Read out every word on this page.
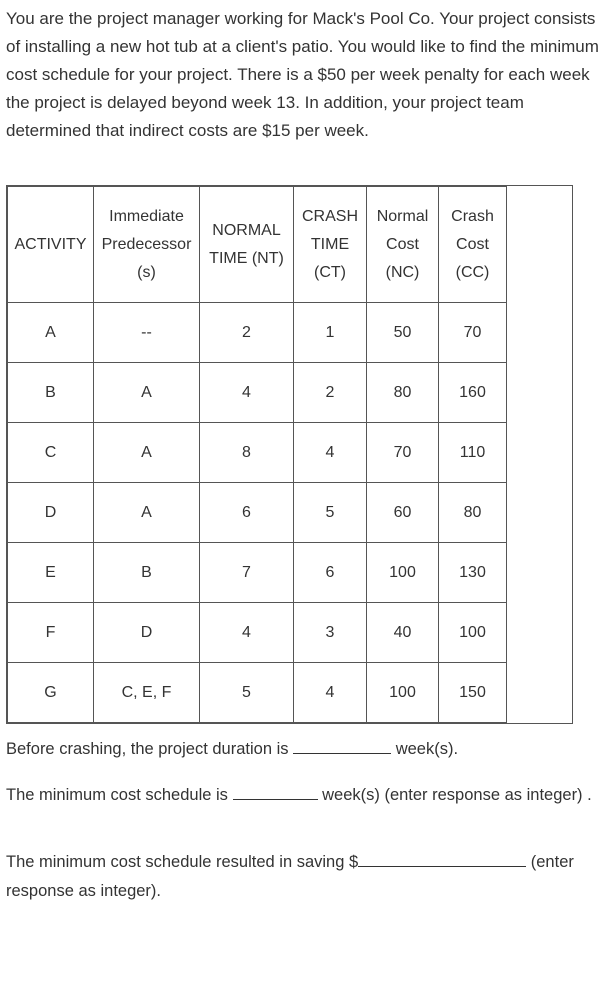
You are the project manager working for Mack's Pool Co. Your project consists of installing a new hot tub at a client's patio. You would like to find the minimum cost schedule for your project. There is a $50 per week penalty for each week the project is delayed beyond week 13. In addition, your project team determined that indirect costs are $15 per week.

ACTIVITY	Immediate Predecessor (s)	NORMAL TIME (NT)	CRASH TIME (CT)	Normal Cost (NC)	Crash Cost (CC)
A	--	2	1	50	70
B	A	4	2	80	160
C	A	8	4	70	110
D	A	6	5	60	80
E	B	7	6	100	130
F	D	4	3	40	100
G	C, E, F	5	4	100	150

Before crashing, the project duration is	week(s).

The minimum cost schedule is	week(s) (enter response as integer) .

The minimum cost schedule resulted in saving $	(enter response as integer).
